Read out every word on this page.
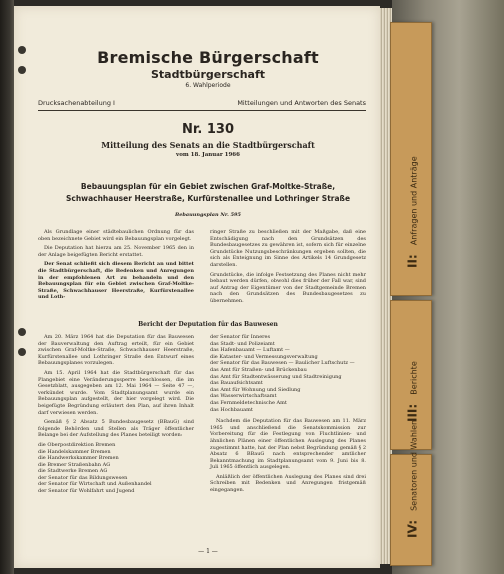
II: Anfragen und Anträge
III: Berichte
IV: Senatoren und Wahlen
Bremische Bürgerschaft
Stadtbürgerschaft
6. Wahlperiode
Drucksachenabteilung I	Mitteilungen und Antworten des Senats
Nr. 130
Mitteilung des Senats an die Stadtbürgerschaft
vom 18. Januar 1966
Bebauungsplan für ein Gebiet zwischen Graf-Moltke-Straße,
Schwachhauser Heerstraße, Kurfürstenallee und Lothringer Straße
Bebauungsplan Nr. 595

Als Grundlage einer städtebaulichen Ordnung für das oben bezeichnete Gebiet wird ein Bebauungsplan vorgelegt.

Die Deputation hat hierzu am 25. November 1965 den in der Anlage beigefügten Bericht erstattet.

Der Senat schließt sich diesem Bericht an und bittet die Stadtbürgerschaft, die Bedenken und Anregungen in der empfohlenen Art zu behandeln und den Bebauungsplan für ein Gebiet zwischen Graf-Moltke-Straße, Schwachhauser Heerstraße, Kurfürstenallee und Loth-

ringer Straße zu beschließen mit der Maßgabe, daß eine Entschädigung nach den Grundsätzen des Bundesbaugesetzes zu gewähren ist, sofern sich für einzelne Grundstücke Nutzungsbeschränkungen ergeben sollten, die sich als Enteignung im Sinne des Artikels 14 Grundgesetz darstellen.

Grundstücke, die infolge Festsetzung des Planes nicht mehr bebaut werden dürfen, obwohl dies früher der Fall war, sind auf Antrag der Eigentümer von der Stadtgemeinde Bremen nach den Grundsätzen des Bundesbaugesetzes zu übernehmen.

Bericht der Deputation für das Bauwesen

Am 20. März 1964 hat die Deputation für das Bauwesen der Bauverwaltung den Auftrag erteilt, für ein Gebiet zwischen Graf-Moltke-Straße, Schwachhauser Heerstraße, Kurfürstenallee und Lothringer Straße den Entwurf eines Bebauungsplanes vorzulegen.

Am 15. April 1964 hat die Stadtbürgerschaft für das Plangebiet eine Veränderungssperre beschlossen, die im Gesetzblatt, ausgegeben am 12. Mai 1964 — Seite 47 —, verkündet wurde. Vom Stadtplanungsamt wurde ein Bebauungsplan aufgestellt, der hier vorgelegt wird. Die beigefügte Begründung erläutert den Plan, auf ihren Inhalt darf verwiesen werden.

Gemäß § 2 Absatz 5 Bundesbaugesetz (BBauG) sind folgende Behörden und Stellen als Träger öffentlicher Belange bei der Aufstellung des Planes beteiligt worden:

die Oberpostdirektion Bremen
die Handelskammer Bremen
die Handwerkskammer Bremen
die Bremer Straßenbahn AG
die Stadtwerke Bremen AG
der Senator für das Bildungswesen
der Senator für Wirtschaft und Außenhandel
der Senator für Wohlfahrt und Jugend
der Senator für Inneres
das Stadt- und Polizeiamt
das Hafenbauamt — Luftamt —
die Kataster- und Vermessungsverwaltung
der Senator für das Bauwesen — Baulicher Luftschutz —
das Amt für Straßen- und Brückenbau
das Amt für Stadtentwässerung und Stadtreinigung
das Bauaufsichtsamt
das Amt für Wohnung und Siedlung
das Wasserwirtschaftsamt
das Fernmeldetechnische Amt
das Hochbauamt

Nachdem die Deputation für das Bauwesen am 11. März 1965 und anschließend die Senatskommission zur Vorbereitung für die Festlegung von Fluchtlinien- und ähnlichen Plänen einer öffentlichen Auslegung des Planes zugestimmt hatte, hat der Plan nebst Begründung gemäß § 2 Absatz 6 BBauG nach entsprechender amtlicher Bekanntmachung im Stadtplanungsamt vom 9. Juni bis 8. Juli 1965 öffentlich ausgelegen.

Anläßlich der öffentlichen Auslegung des Planes sind drei Schreiben mit Bedenken und Anregungen fristgemäß eingegangen.

— 1 —
